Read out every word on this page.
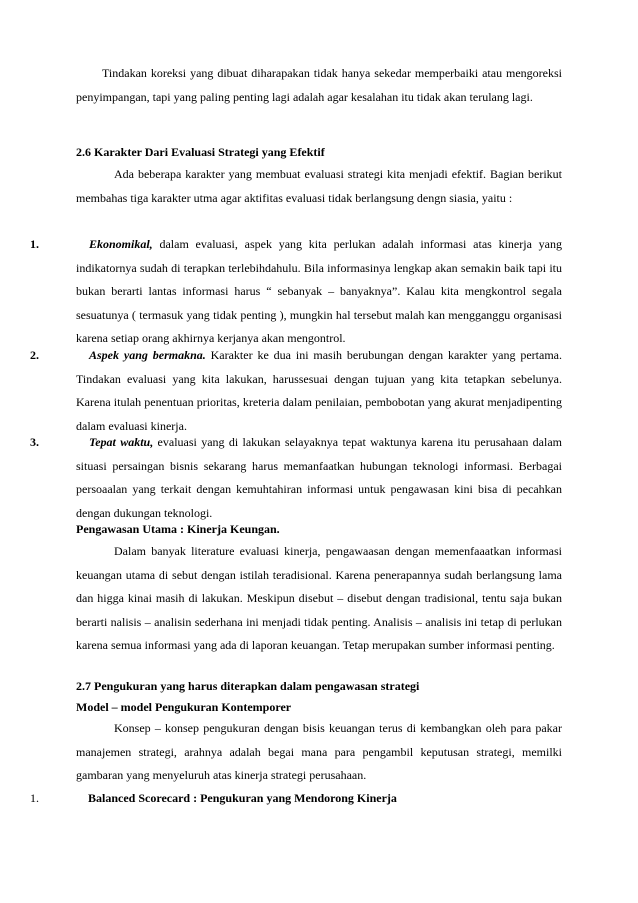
Tindakan koreksi yang dibuat diharapakan tidak hanya sekedar memperbaiki atau mengoreksi penyimpangan, tapi yang paling penting lagi adalah agar kesalahan itu tidak akan terulang lagi.

2.6 Karakter Dari Evaluasi Strategi yang Efektif

Ada beberapa karakter yang membuat evaluasi strategi kita menjadi efektif. Bagian berikut membahas tiga karakter utma agar aktifitas evaluasi tidak berlangsung dengn siasia, yaitu :

1.	Ekonomikal, dalam evaluasi, aspek yang kita perlukan adalah informasi atas kinerja yang indikatornya sudah di terapkan terlebihdahulu. Bila informasinya lengkap akan semakin baik tapi itu bukan berarti lantas informasi harus “ sebanyak – banyaknya”. Kalau kita mengkontrol segala sesuatunya ( termasuk yang tidak penting ), mungkin hal tersebut malah kan mengganggu organisasi karena setiap orang akhirnya kerjanya akan mengontrol.

2.	Aspek yang bermakna. Karakter ke dua ini masih berubungan dengan karakter yang pertama. Tindakan evaluasi yang kita lakukan, harussesuai dengan tujuan yang kita tetapkan sebelunya. Karena itulah penentuan prioritas, kreteria dalam penilaian, pembobotan yang akurat menjadipenting dalam evaluasi kinerja.

3.	Tepat waktu, evaluasi yang di lakukan selayaknya tepat waktunya karena itu perusahaan dalam situasi persaingan bisnis sekarang harus memanfaatkan hubungan teknologi informasi. Berbagai persoaalan yang terkait dengan kemuhtahiran informasi untuk pengawasan kini bisa di pecahkan dengan dukungan teknologi.

Pengawasan Utama : Kinerja Keungan.

Dalam banyak literature evaluasi kinerja, pengawaasan dengan memenfaaatkan informasi keuangan utama di sebut dengan istilah teradisional. Karena penerapannya sudah berlangsung lama dan higga kinai masih di lakukan. Meskipun disebut – disebut dengan tradisional, tentu saja bukan berarti nalisis – analisin sederhana ini menjadi tidak penting. Analisis – analisis ini tetap di perlukan karena semua informasi yang ada di laporan keuangan. Tetap merupakan sumber informasi penting.

2.7 Pengukuran yang harus diterapkan dalam pengawasan strategi

Model – model Pengukuran Kontemporer

Konsep – konsep pengukuran dengan bisis keuangan terus di kembangkan oleh para pakar manajemen strategi, arahnya adalah begai mana para pengambil keputusan strategi, memilki gambaran yang menyeluruh atas kinerja strategi perusahaan.

1.	Balanced Scorecard : Pengukuran yang Mendorong Kinerja
